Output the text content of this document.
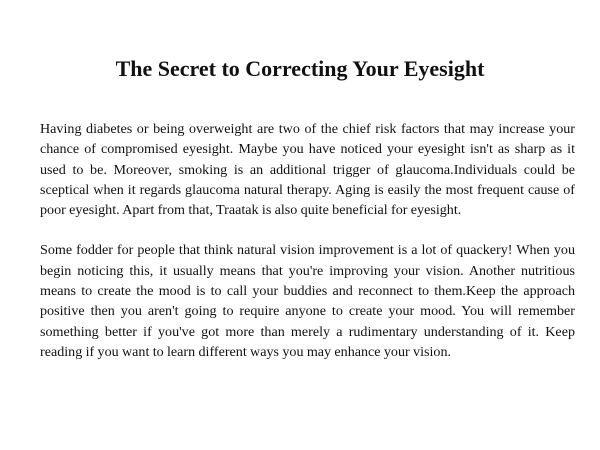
The Secret to Correcting Your Eyesight

Having diabetes or being overweight are two of the chief risk factors that may increase your chance of compromised eyesight. Maybe you have noticed your eyesight isn't as sharp as it used to be. Moreover, smoking is an additional trigger of glaucoma.Individuals could be sceptical when it regards glaucoma natural therapy. Aging is easily the most frequent cause of poor eyesight. Apart from that, Traatak is also quite beneficial for eyesight.

Some fodder for people that think natural vision improvement is a lot of quackery! When you begin noticing this, it usually means that you're improving your vision. Another nutritious means to create the mood is to call your buddies and reconnect to them.Keep the approach positive then you aren't going to require anyone to create your mood. You will remember something better if you've got more than merely a rudimentary understanding of it. Keep reading if you want to learn different ways you may enhance your vision.
